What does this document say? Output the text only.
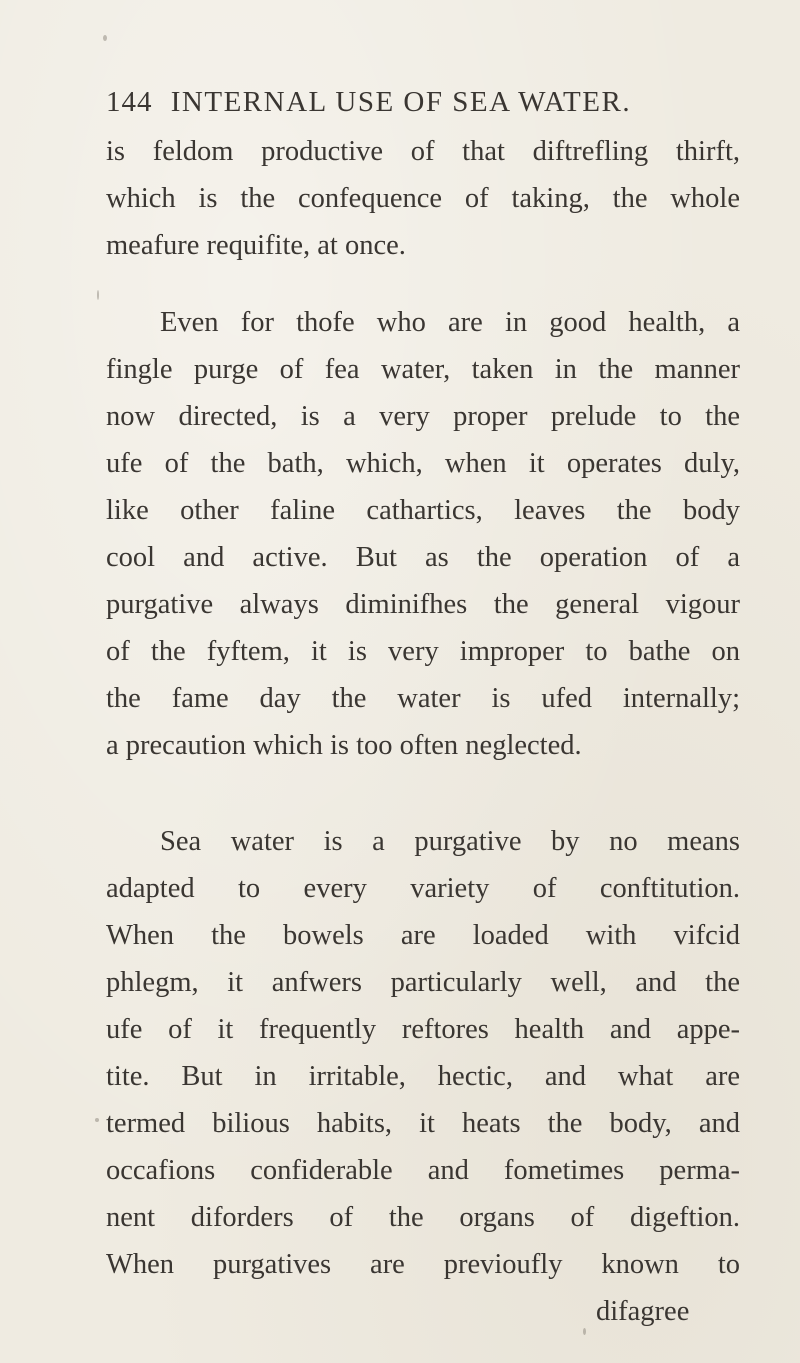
144 INTERNAL USE OF SEA WATER.
is feldom productive of that diftrefling thirft,
which is the confequence of taking, the whole
meafure requifite, at once.
Even for thofe who are in good health, a
fingle purge of fea water, taken in the manner
now directed, is a very proper prelude to the
ufe of the bath, which, when it operates duly,
like other faline cathartics, leaves the body
cool and active. But as the operation of a
purgative always diminifhes the general vigour
of the fyftem, it is very improper to bathe on
the fame day the water is ufed internally;
a precaution which is too often neglected.
Sea water is a purgative by no means
adapted to every variety of conftitution.
When the bowels are loaded with vifcid
phlegm, it anfwers particularly well, and the
ufe of it frequently reftores health and appe-
tite. But in irritable, hectic, and what are
termed bilious habits, it heats the body, and
occafions confiderable and fometimes perma-
nent diforders of the organs of digeftion.
When purgatives are previoufly known to
difagree
